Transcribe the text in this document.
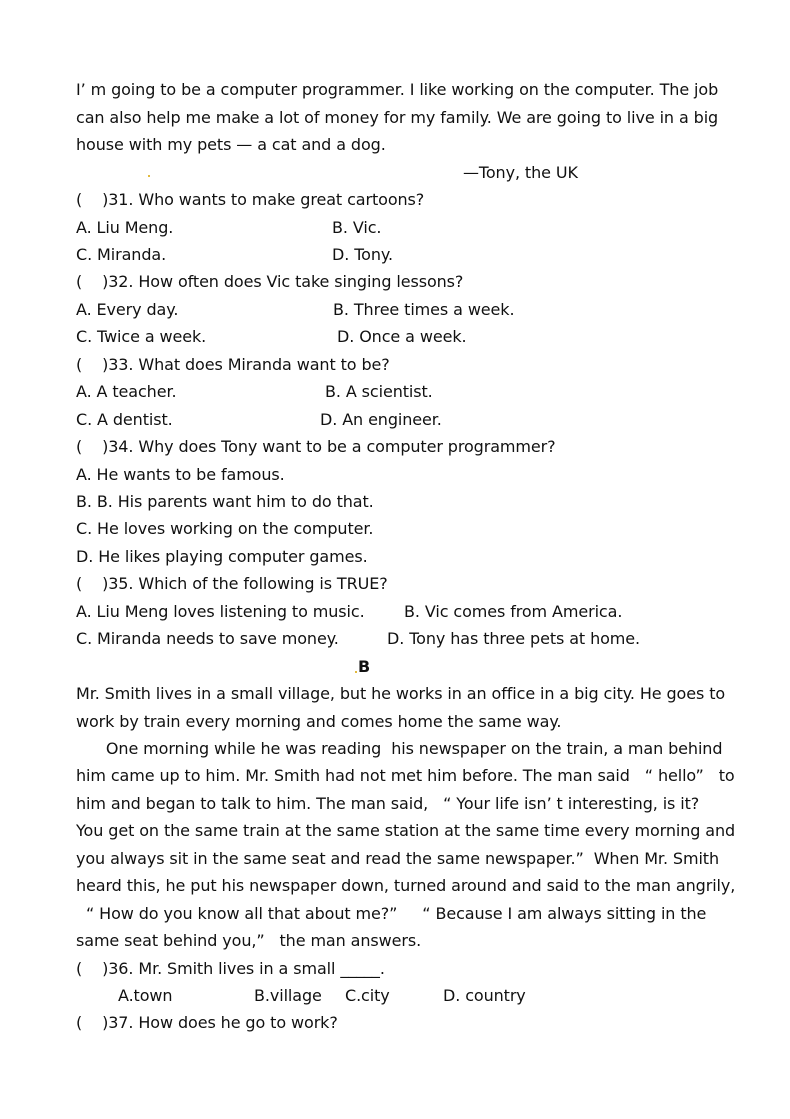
I’ m going to be a computer programmer. I like working on the computer. The job
can also help me make a lot of money for my family. We are going to live in a big
house with my pets — a cat and a dog.
—Tony, the UK
(    )31. Who wants to make great cartoons?
A. Liu Meng.	B. Vic.
C. Miranda.	D. Tony.
(    )32. How often does Vic take singing lessons?
A. Every day.	B. Three times a week.
C. Twice a week.	D. Once a week.
(    )33. What does Miranda want to be?
A. A teacher.	B. A scientist.
C. A dentist.	D. An engineer.
(    )34. Why does Tony want to be a computer programmer?
A. He wants to be famous.
B. B. His parents want him to do that.
C. He loves working on the computer.
D. He likes playing computer games.
(    )35. Which of the following is TRUE?
A. Liu Meng loves listening to music. B. Vic comes from America.
C. Miranda needs to save money.	D. Tony has three pets at home.
B
Mr. Smith lives in a small village, but he works in an office in a big city. He goes to
work by train every morning and comes home the same way.
One morning while he was reading  his newspaper on the train, a man behind
him came up to him. Mr. Smith had not met him before. The man said   “ hello”   to
him and began to talk to him. The man said,   “ Your life isn’ t interesting, is it?
You get on the same train at the same station at the same time every morning and
you always sit in the same seat and read the same newspaper.”  When Mr. Smith
heard this, he put his newspaper down, turned around and said to the man angrily,
“ How do you know all that about me?”     “ Because I am always sitting in the
same seat behind you,”   the man answers.
(    )36. Mr. Smith lives in a small _____.
A.town	B.village C.city	D. country
(    )37. How does he go to work?
